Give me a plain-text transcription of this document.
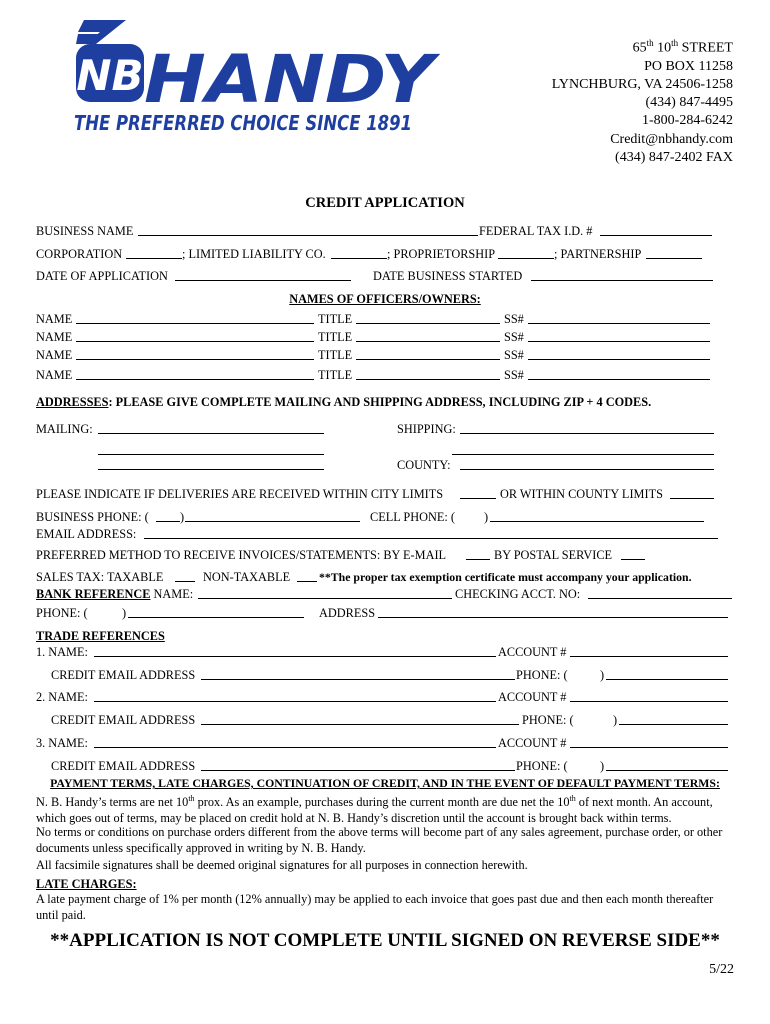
NB HANDY
THE PREFERRED CHOICE SINCE 1891
65th 10th STREET
PO BOX 11258
LYNCHBURG, VA 24506-1258
(434) 847-4495
1-800-284-6242
Credit@nbhandy.com
(434) 847-2402 FAX
CREDIT APPLICATION
BUSINESS NAME	FEDERAL TAX I.D. #
CORPORATION	; LIMITED LIABILITY CO.	; PROPRIETORSHIP	; PARTNERSHIP
DATE OF APPLICATION	DATE BUSINESS STARTED
NAMES OF OFFICERS/OWNERS:
NAME	TITLE	SS#
NAME	TITLE	SS#
NAME	TITLE	SS#
NAME	TITLE	SS#
ADDRESSES: PLEASE GIVE COMPLETE MAILING AND SHIPPING ADDRESS, INCLUDING ZIP + 4 CODES.
MAILING:	SHIPPING:
COUNTY:
PLEASE INDICATE IF DELIVERIES ARE RECEIVED WITHIN CITY LIMITS	OR WITHIN COUNTY LIMITS
BUSINESS PHONE: (	)	CELL PHONE: ( )
EMAIL ADDRESS:
PREFERRED METHOD TO RECEIVE INVOICES/STATEMENTS: BY E-MAIL	BY POSTAL SERVICE
SALES TAX: TAXABLE	NON-TAXABLE **The proper tax exemption certificate must accompany your application.
BANK REFERENCE NAME:	CHECKING ACCT. NO:
PHONE: (	)	ADDRESS
TRADE REFERENCES
1. NAME:	ACCOUNT #
CREDIT EMAIL ADDRESS	PHONE: (	)
2. NAME:	ACCOUNT #
CREDIT EMAIL ADDRESS	PHONE: (	)
3. NAME:	ACCOUNT #
CREDIT EMAIL ADDRESS	PHONE: (	)
PAYMENT TERMS, LATE CHARGES, CONTINUATION OF CREDIT, AND IN THE EVENT OF DEFAULT PAYMENT TERMS:
N. B. Handy’s terms are net 10th prox. As an example, purchases during the current month are due net the 10th of next month. An account, which goes out of terms, may be placed on credit hold at N. B. Handy’s discretion until the account is brought back within terms.
No terms or conditions on purchase orders different from the above terms will become part of any sales agreement, purchase order, or other documents unless specifically approved in writing by N. B. Handy.
All facsimile signatures shall be deemed original signatures for all purposes in connection herewith.
LATE CHARGES:
A late payment charge of 1% per month (12% annually) may be applied to each invoice that goes past due and then each month thereafter until paid.
**APPLICATION IS NOT COMPLETE UNTIL SIGNED ON REVERSE SIDE**
5/22
